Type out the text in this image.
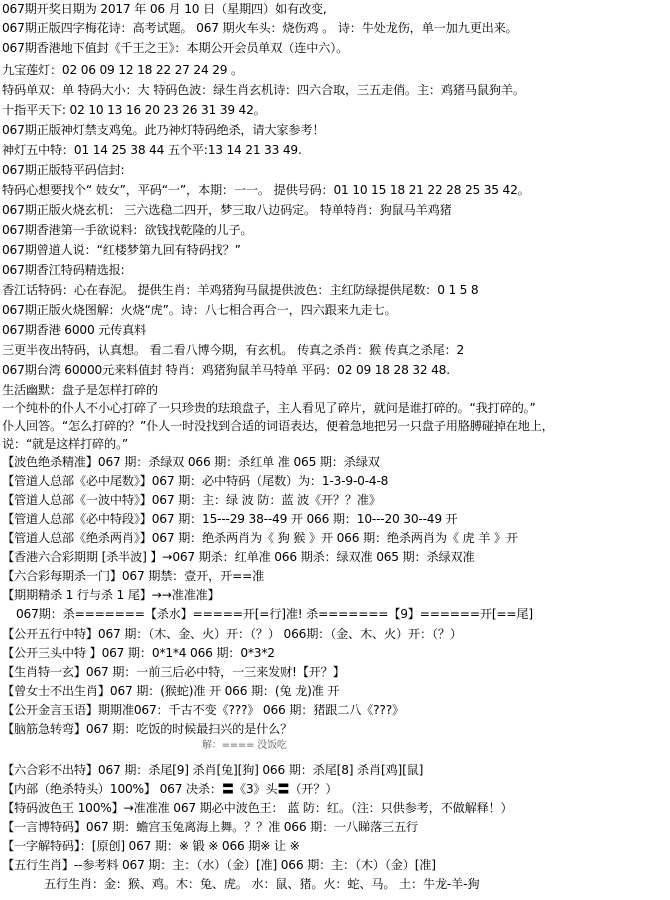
067期开奖日期为 2017 年 06 月 10 日（星期四）如有改变,
067期正版四字梅花诗：高考试题。 067 期火车头：烧伤鸡 。 诗：牛处龙伤，单一加九更出来。
067期香港地下值封《千王之王》：本期公开会员单双（连中六）。
九宝莲灯：02 06 09 12 18 22 27 24 29 。
特码单双：单 特码大小：大 特码色波：绿生肖玄机诗：四六合取，三五走俏。主：鸡猪马鼠狗羊。
十指平天下: 02 10 13 16 20 23 26 31 39 42。
067期正版神灯禁支鸡兔。此乃神灯特码绝杀，请大家参考！
神灯五中特：01 14 25 38 44 五个平:13 14 21 33 49.
067期正版特平码信封:
特码心想要找个“ 妓女”，平码“一”，本期：一一。 提供号码：01 10 15 18 21 22 28 25 35 42。
067期正版火烧玄机： 三六选稳二四开，梦三取八边码定。 特单特肖：狗鼠马羊鸡猪
067期香港第一手欲说料：欲钱找乾隆的儿子。
067期曾道人说：“红楼梦第九回有特码找？”
067期香江特码精选报:
香江话特码：心在春泥。 提供生肖：羊鸡猪狗马鼠提供波色：主红防绿提供尾数：0 1 5 8
067期正版火烧图解：火烧“虎”。诗：八七相合再合一，四六跟来九走七。
067期香港 6000 元传真料
三更半夜出特码，认真想。 看二看八博今期，有玄机。 传真之杀肖：猴 传真之杀尾：2
067期台湾 60000元来料值封 特肖：鸡猪狗鼠羊马特单 平码：02 09 18 28 32 48.
生活幽默：盘子是怎样打碎的
一个纯朴的仆人不小心打碎了一只珍贵的珐琅盘子，主人看见了碎片，就问是谁打碎的。“我打碎的。”
仆人回答。“怎么打碎的？”仆人一时没找到合适的词语表达，便着急地把另一只盘子用胳膊碰掉在地上，
说：“就是这样打碎的。”
【波色绝杀精准】067 期：杀绿双 066 期：杀红单 准 065 期：杀绿双
【管道人总部《必中尾数》】067 期：必中特码（尾数）为：1-3-9-0-4-8
【管道人总部《一波中特》】067 期：主：绿 波 防：蓝 波《开？？准》
【管道人总部《必中特段》】067 期：15---29 38--49 开 066 期：10---20 30--49 开
【管道人总部《绝杀两肖》】067 期：绝杀两肖为《 狗 猴 》开 066 期：绝杀两肖为《 虎 羊 》开
【香港六合彩期期 [杀半波] 】→067 期杀：红单准 066 期杀：绿双准 065 期：杀绿双准
【六合彩每期杀一门】067 期禁：壹开，开==准
【期期精杀 1 行与杀 1 尾】→→准准准】
067期：杀=======【杀水】=====开[=行]准! 杀=======【9】======开[==尾]
【公开五行中特】067 期：（木、金、火）开：（？） 066期：（金、木、火）开：（？）
【公开三头中特 】067 期：0*1*4 066 期：0*3*2
【生肖特一玄】067 期：一前三后必中特，一三来发财!【开？】
【曾女士不出生肖】067 期：(猴蛇)准 开 066 期：(兔 龙)准 开
【公开金言玉语】期期准067：千古不变《???》 066 期：猪跟二八《???》
【脑筋急转弯】067 期：吃饭的时候最扫兴的是什么？
解：==== 没饭吃
【六合彩不出特】067 期：杀尾[9] 杀肖[兔][狗] 066 期：杀尾[8] 杀肖[鸡][鼠]
【内部（绝杀特头）100%】 067 决杀：〓《3》头〓（开？）
【特码波色王 100%】→准准准 067 期必中波色王： 蓝 防：红。（注：只供参考，不做解释！）
【一言博特码】067 期：蟾宫玉兔离海上舞。？？准 066 期：一八睇落三五行
【一字解特码】：[原创] 067 期：※ 锻 ※ 066 期※ 让 ※
【五行生肖】--参考料 067 期：主：（水）（金）[准] 066 期：主：（木）（金）[准]
五行生肖：金：猴、鸡。木：兔、虎。 水：鼠、猪。火：蛇、马。 土：牛龙-羊-狗
